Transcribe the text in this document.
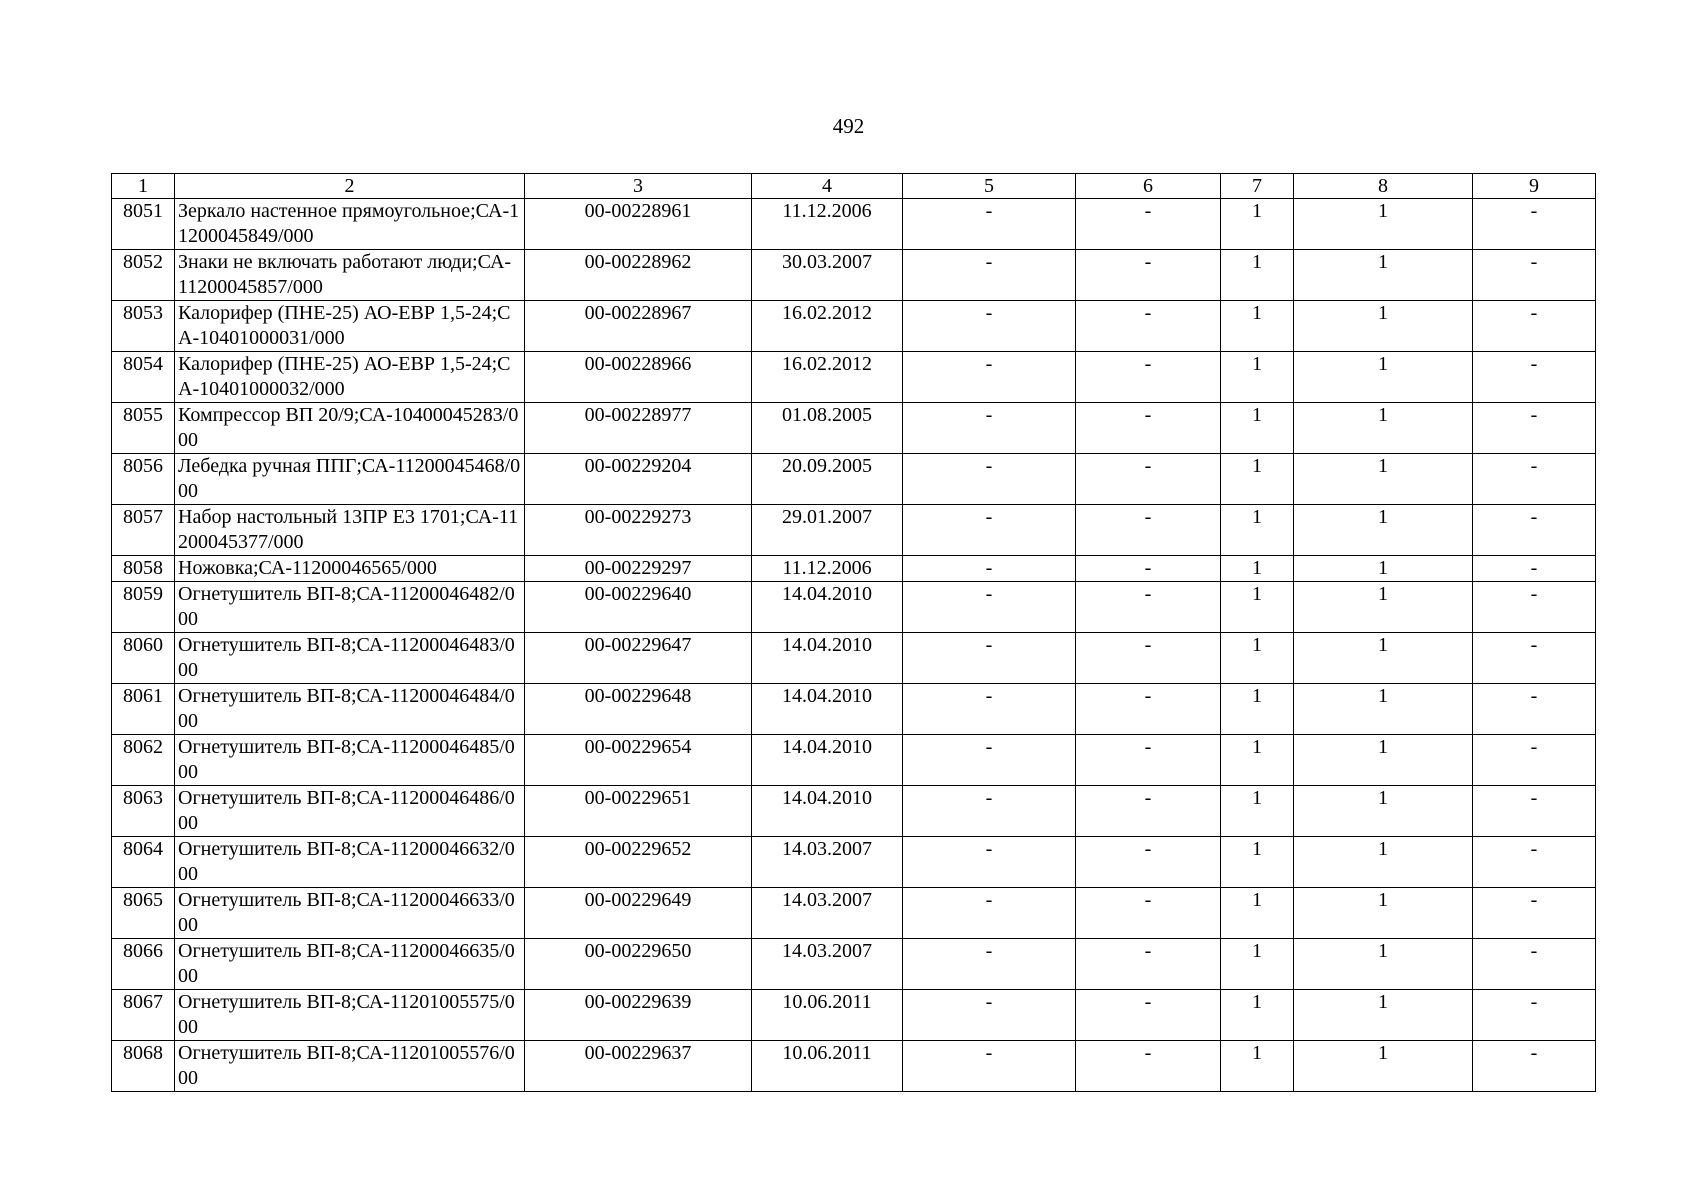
492
1	2	3	4	5	6	7	8	9
8051	Зеркало настенное прямоугольное;СА-11200045849/000	00-00228961	11.12.2006	-	-	1	1	-
8052	Знаки не включать работают люди;СА-11200045857/000	00-00228962	30.03.2007	-	-	1	1	-
8053	Калорифер (ПНЕ-25) АО-ЕВР 1,5-24;СА-10401000031/000	00-00228967	16.02.2012	-	-	1	1	-
8054	Калорифер (ПНЕ-25) АО-ЕВР 1,5-24;СА-10401000032/000	00-00228966	16.02.2012	-	-	1	1	-
8055	Компрессор ВП 20/9;СА-10400045283/000	00-00228977	01.08.2005	-	-	1	1	-
8056	Лебедка ручная ППГ;СА-11200045468/000	00-00229204	20.09.2005	-	-	1	1	-
8057	Набор настольный 13ПР Е3 1701;СА-11200045377/000	00-00229273	29.01.2007	-	-	1	1	-
8058	Ножовка;СА-11200046565/000	00-00229297	11.12.2006	-	-	1	1	-
8059	Огнетушитель ВП-8;СА-11200046482/000	00-00229640	14.04.2010	-	-	1	1	-
8060	Огнетушитель ВП-8;СА-11200046483/000	00-00229647	14.04.2010	-	-	1	1	-
8061	Огнетушитель ВП-8;СА-11200046484/000	00-00229648	14.04.2010	-	-	1	1	-
8062	Огнетушитель ВП-8;СА-11200046485/000	00-00229654	14.04.2010	-	-	1	1	-
8063	Огнетушитель ВП-8;СА-11200046486/000	00-00229651	14.04.2010	-	-	1	1	-
8064	Огнетушитель ВП-8;СА-11200046632/000	00-00229652	14.03.2007	-	-	1	1	-
8065	Огнетушитель ВП-8;СА-11200046633/000	00-00229649	14.03.2007	-	-	1	1	-
8066	Огнетушитель ВП-8;СА-11200046635/000	00-00229650	14.03.2007	-	-	1	1	-
8067	Огнетушитель ВП-8;СА-11201005575/000	00-00229639	10.06.2011	-	-	1	1	-
8068	Огнетушитель ВП-8;СА-11201005576/000	00-00229637	10.06.2011	-	-	1	1	-
